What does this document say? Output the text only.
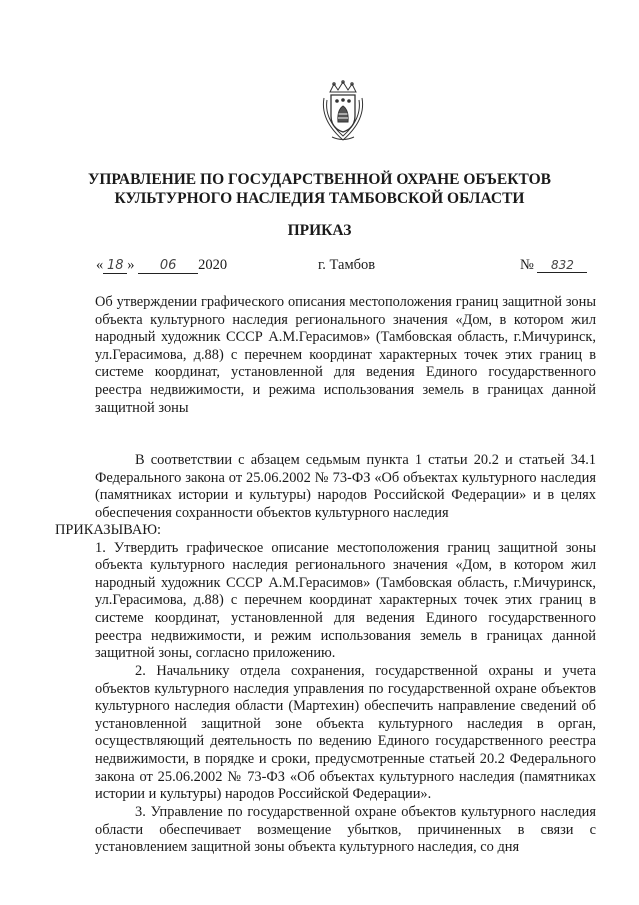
УПРАВЛЕНИЕ ПО ГОСУДАРСТВЕННОЙ ОХРАНЕ ОБЪЕКТОВ
КУЛЬТУРНОГО НАСЛЕДИЯ ТАМБОВСКОЙ ОБЛАСТИ
ПРИКАЗ
« 18 » 06 2020	г. Тамбов	№ 832
Об утверждении графического описания местоположения границ защитной зоны объекта культурного наследия регионального значения «Дом, в котором жил народный художник СССР А.М.Герасимов» (Тамбовская область, г.Мичуринск, ул.Герасимова, д.88) с перечнем координат характерных точек этих границ в системе координат, установленной для ведения Единого государственного реестра недвижимости, и режима использования земель в границах данной защитной зоны
В соответствии с абзацем седьмым пункта 1 статьи 20.2 и статьей 34.1 Федерального закона от 25.06.2002 № 73-ФЗ «Об объектах культурного наследия (памятниках истории и культуры) народов Российской Федерации» и в целях обеспечения сохранности объектов культурного наследия
ПРИКАЗЫВАЮ:
1. Утвердить графическое описание местоположения границ защитной зоны объекта культурного наследия регионального значения «Дом, в котором жил народный художник СССР А.М.Герасимов» (Тамбовская область, г.Мичуринск, ул.Герасимова, д.88) с перечнем координат характерных точек этих границ в системе координат, установленной для ведения Единого государственного реестра недвижимости, и режим использования земель в границах данной защитной зоны, согласно приложению.
2. Начальнику отдела сохранения, государственной охраны и учета объектов культурного наследия управления по государственной охране объектов культурного наследия области (Мартехин) обеспечить направление сведений об установленной защитной зоне объекта культурного наследия в орган, осуществляющий деятельность по ведению Единого государственного реестра недвижимости, в порядке и сроки, предусмотренные статьей 20.2 Федерального закона от 25.06.2002 № 73-ФЗ «Об объектах культурного наследия (памятниках истории и культуры) народов Российской Федерации».
3. Управление по государственной охране объектов культурного наследия области обеспечивает возмещение убытков, причиненных в связи с установлением защитной зоны объекта культурного наследия, со дня
